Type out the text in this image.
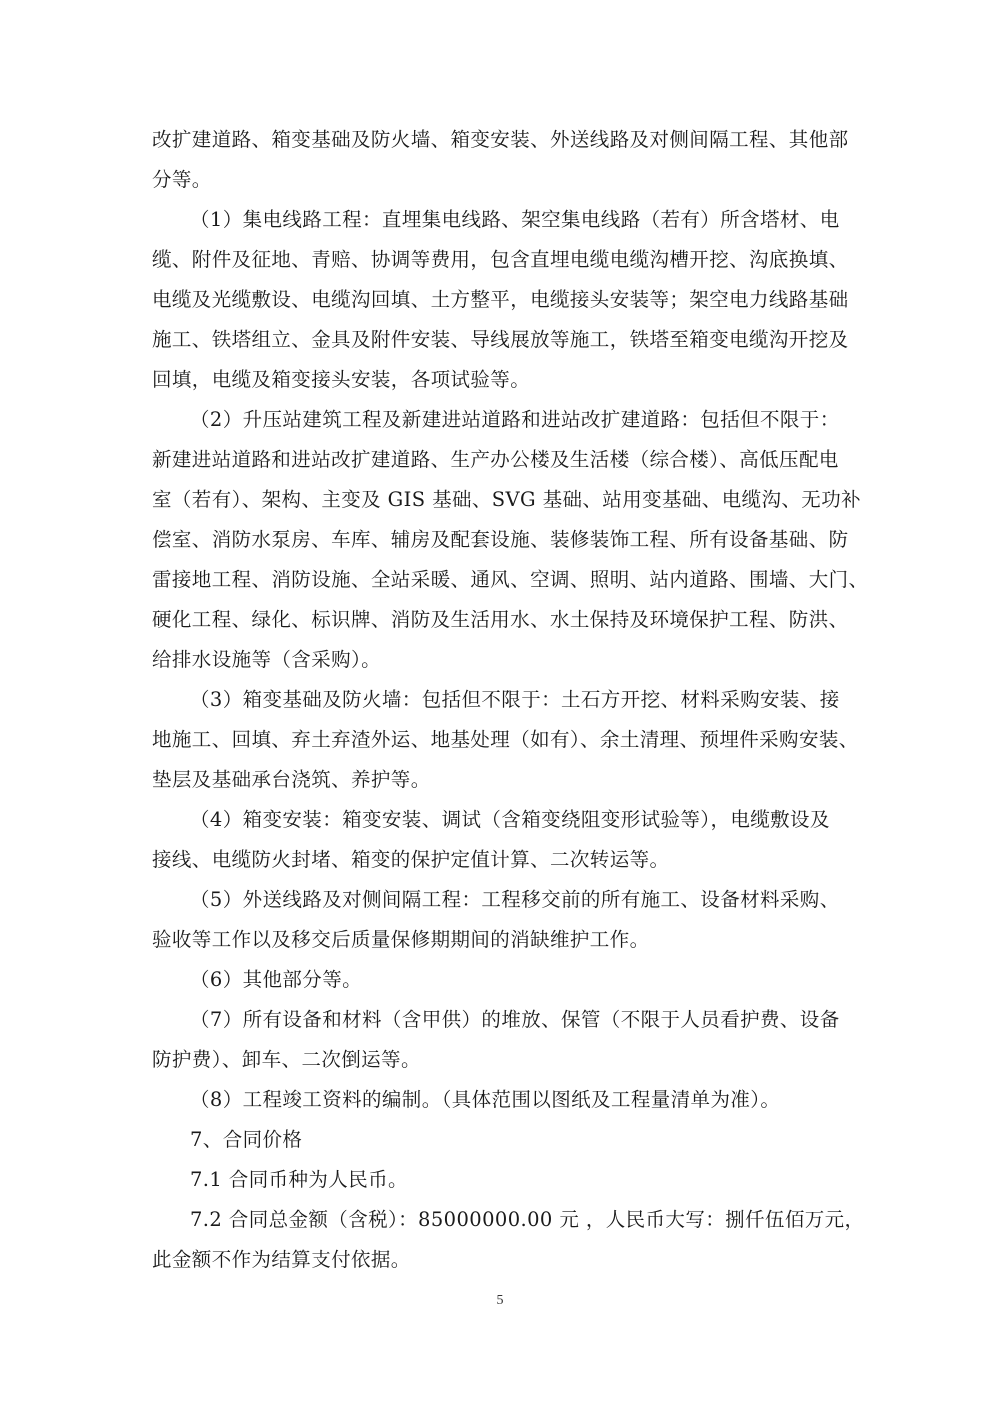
改扩建道路、箱变基础及防火墙、箱变安装、外送线路及对侧间隔工程、其他部
分等。
（1）集电线路工程：直埋集电线路、架空集电线路（若有）所含塔材、电
缆、附件及征地、青赔、协调等费用，包含直埋电缆电缆沟槽开挖、沟底换填、
电缆及光缆敷设、电缆沟回填、土方整平，电缆接头安装等；架空电力线路基础
施工、铁塔组立、金具及附件安装、导线展放等施工，铁塔至箱变电缆沟开挖及
回填，电缆及箱变接头安装，各项试验等。
（2）升压站建筑工程及新建进站道路和进站改扩建道路：包括但不限于：
新建进站道路和进站改扩建道路、生产办公楼及生活楼（综合楼）、高低压配电
室（若有）、架构、主变及 GIS 基础、SVG 基础、站用变基础、电缆沟、无功补
偿室、消防水泵房、车库、辅房及配套设施、装修装饰工程、所有设备基础、防
雷接地工程、消防设施、全站采暖、通风、空调、照明、站内道路、围墙、大门、
硬化工程、绿化、标识牌、消防及生活用水、水土保持及环境保护工程、防洪、
给排水设施等（含采购）。
（3）箱变基础及防火墙：包括但不限于：土石方开挖、材料采购安装、接
地施工、回填、弃土弃渣外运、地基处理（如有）、余土清理、预埋件采购安装、
垫层及基础承台浇筑、养护等。
（4）箱变安装：箱变安装、调试（含箱变绕阻变形试验等），电缆敷设及
接线、电缆防火封堵、箱变的保护定值计算、二次转运等。
（5）外送线路及对侧间隔工程：工程移交前的所有施工、设备材料采购、
验收等工作以及移交后质量保修期期间的消缺维护工作。
（6）其他部分等。
（7）所有设备和材料（含甲供）的堆放、保管（不限于人员看护费、设备
防护费）、卸车、二次倒运等。
（8）工程竣工资料的编制。（具体范围以图纸及工程量清单为准）。
7、合同价格
7.1 合同币种为人民币。
7.2 合同总金额（含税）：85000000.00 元 ，人民币大写：捌仟伍佰万元，
此金额不作为结算支付依据。
5
